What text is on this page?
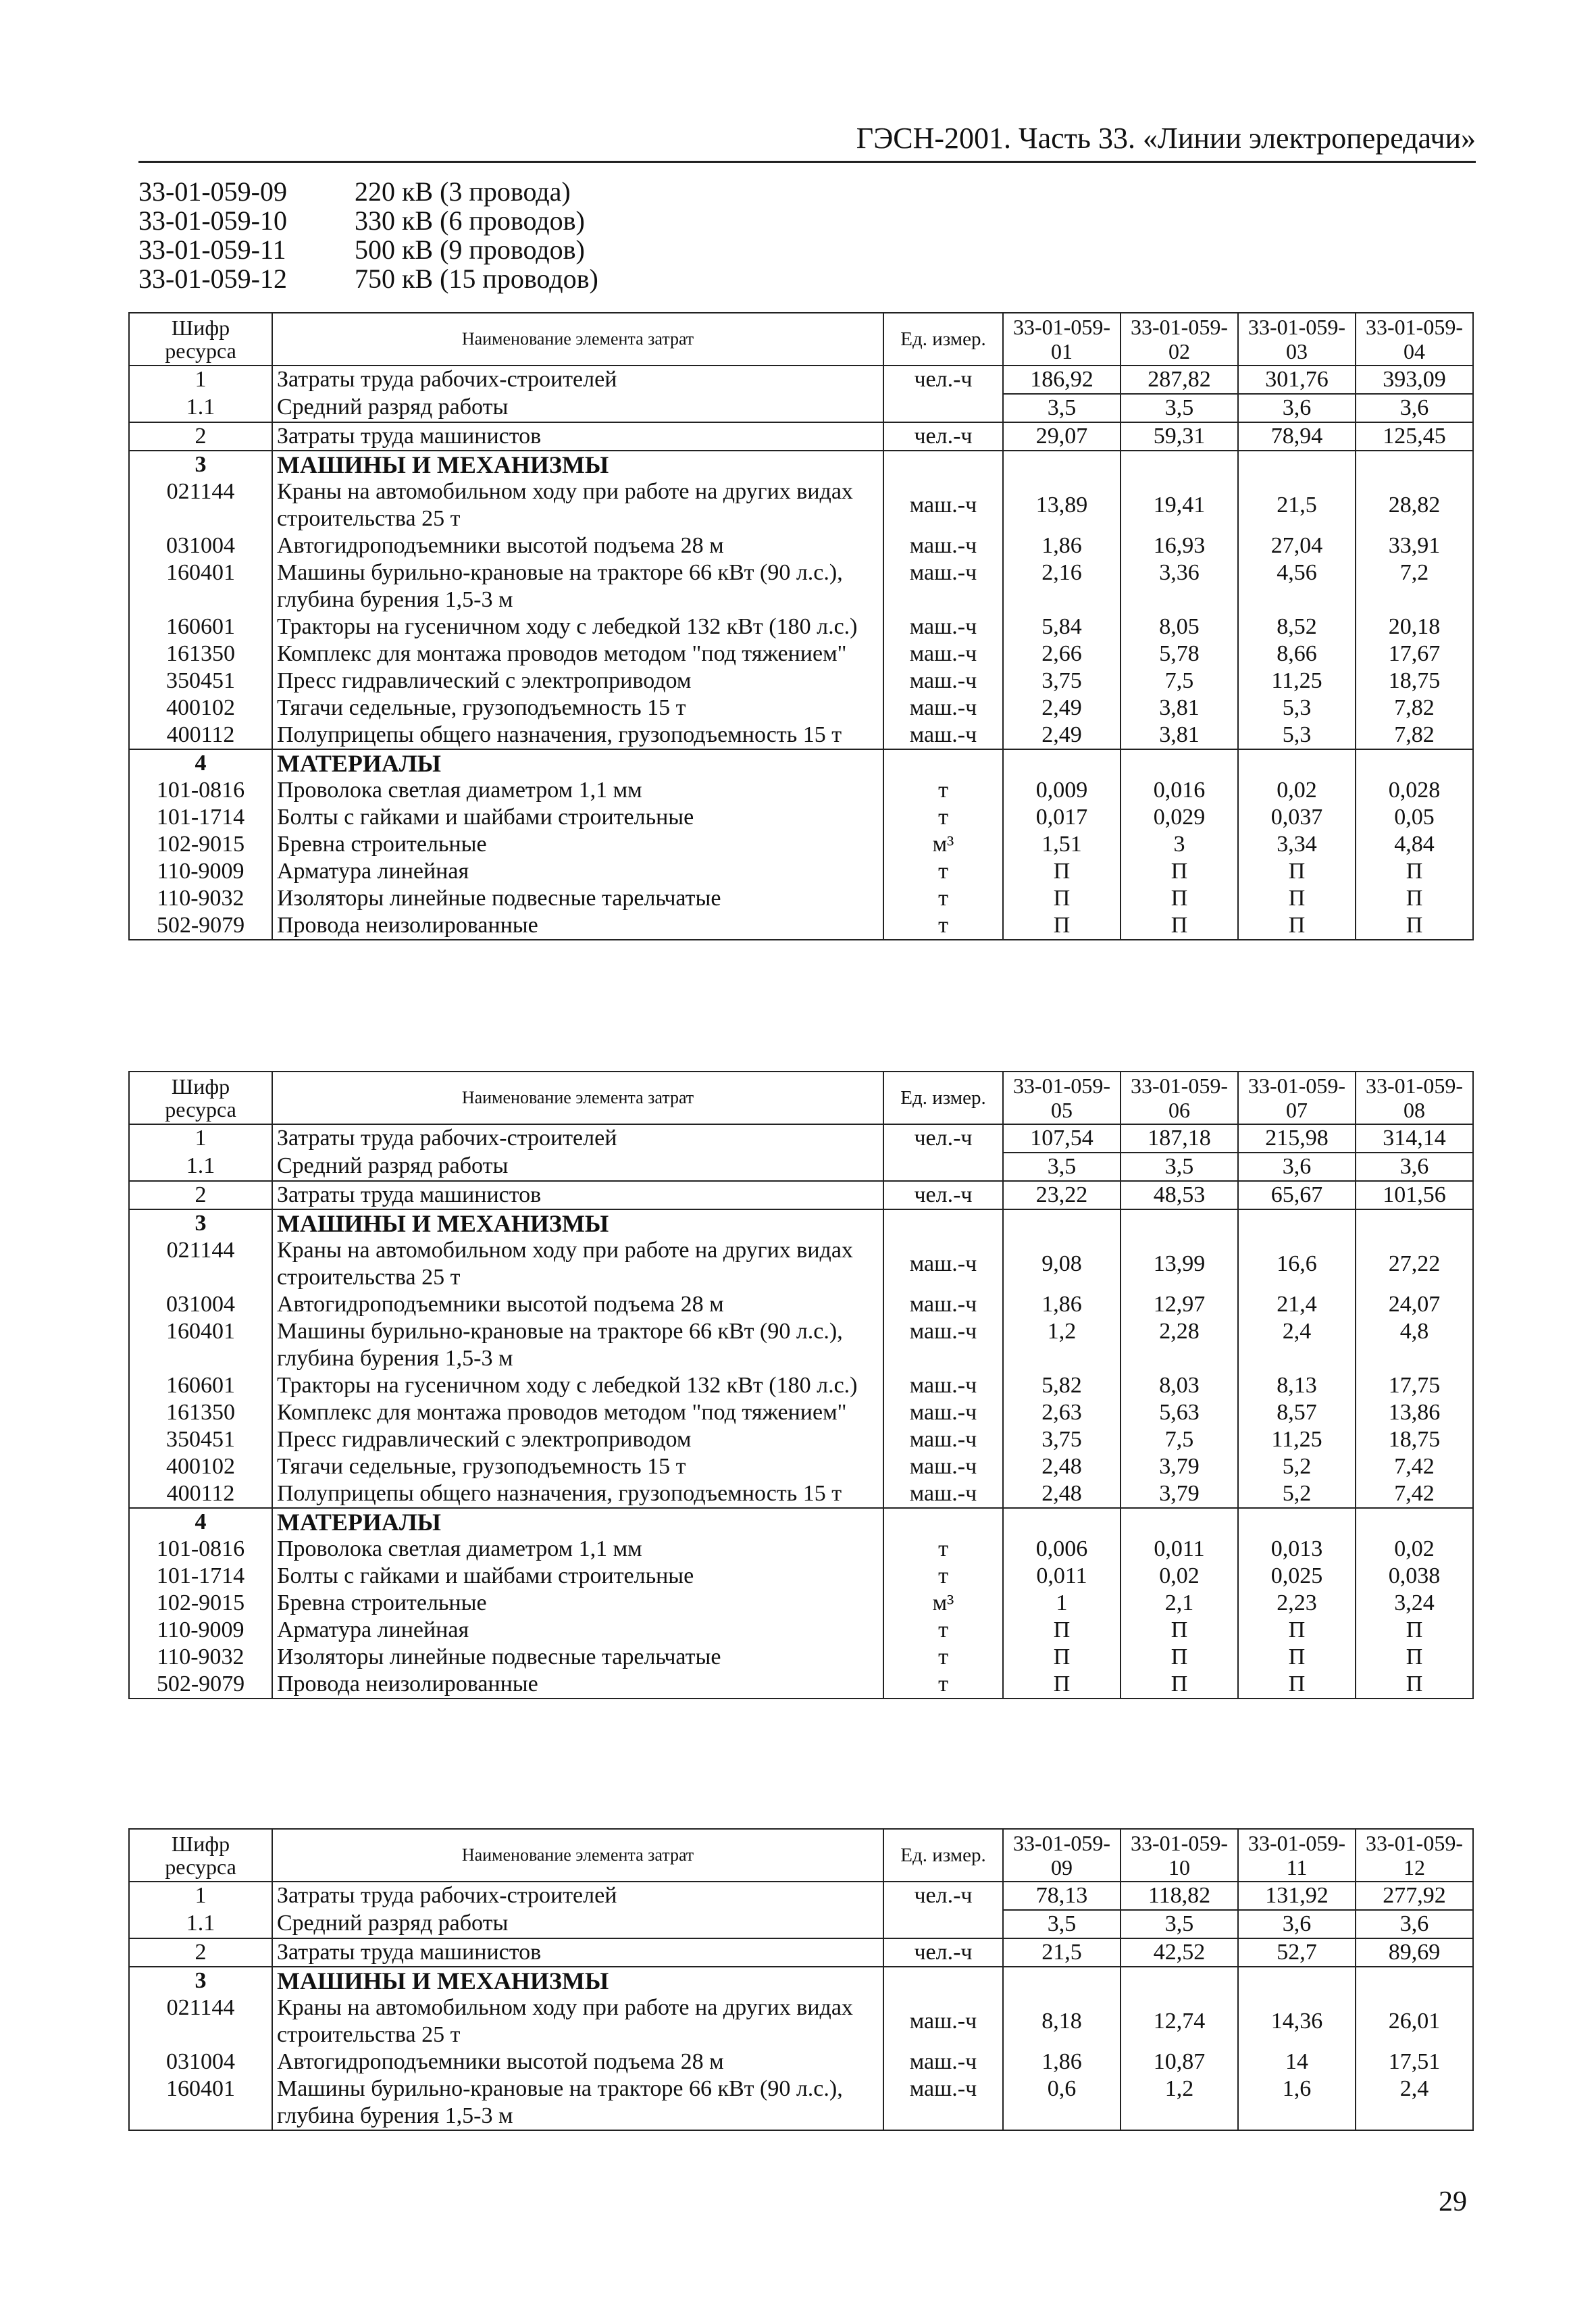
ГЭСН-2001. Часть 33. «Линии электропередачи»
33-01-059-09	220 кВ (3 провода)
33-01-059-10	330 кВ (6 проводов)
33-01-059-11	500 кВ (9 проводов)
33-01-059-12	750 кВ (15 проводов)
Шифр ресурса	Наименование элемента затрат	Ед. измер.	33-01-059-01	33-01-059-02	33-01-059-03	33-01-059-04
1	Затраты труда рабочих-строителей	чел.-ч	186,92	287,82	301,76	393,09
1.1	Средний разряд работы		3,5	3,5	3,6	3,6
2	Затраты труда машинистов	чел.-ч	29,07	59,31	78,94	125,45
3	МАШИНЫ И МЕХАНИЗМЫ					
021144	Краны на автомобильном ходу при работе на других видах строительства 25 т	маш.-ч	13,89	19,41	21,5	28,82
031004	Автогидроподъемники высотой подъема 28 м	маш.-ч	1,86	16,93	27,04	33,91
160401	Машины бурильно-крановые на тракторе 66 кВт (90 л.с.), глубина бурения 1,5-3 м	маш.-ч	2,16	3,36	4,56	7,2
160601	Тракторы на гусеничном ходу с лебедкой 132 кВт (180 л.с.)	маш.-ч	5,84	8,05	8,52	20,18
161350	Комплекс для монтажа проводов методом "под тяжением"	маш.-ч	2,66	5,78	8,66	17,67
350451	Пресс гидравлический с электроприводом	маш.-ч	3,75	7,5	11,25	18,75
400102	Тягачи седельные, грузоподъемность 15 т	маш.-ч	2,49	3,81	5,3	7,82
400112	Полуприцепы общего назначения, грузоподъемность 15 т	маш.-ч	2,49	3,81	5,3	7,82
4	МАТЕРИАЛЫ					
101-0816	Проволока светлая диаметром 1,1 мм	т	0,009	0,016	0,02	0,028
101-1714	Болты с гайками и шайбами строительные	т	0,017	0,029	0,037	0,05
102-9015	Бревна строительные	м³	1,51	3	3,34	4,84
110-9009	Арматура линейная	т	П	П	П	П
110-9032	Изоляторы линейные подвесные тарельчатые	т	П	П	П	П
502-9079	Провода неизолированные	т	П	П	П	П
Шифр ресурса	Наименование элемента затрат	Ед. измер.	33-01-059-05	33-01-059-06	33-01-059-07	33-01-059-08
1	Затраты труда рабочих-строителей	чел.-ч	107,54	187,18	215,98	314,14
1.1	Средний разряд работы		3,5	3,5	3,6	3,6
2	Затраты труда машинистов	чел.-ч	23,22	48,53	65,67	101,56
3	МАШИНЫ И МЕХАНИЗМЫ					
021144	Краны на автомобильном ходу при работе на других видах строительства 25 т	маш.-ч	9,08	13,99	16,6	27,22
031004	Автогидроподъемники высотой подъема 28 м	маш.-ч	1,86	12,97	21,4	24,07
160401	Машины бурильно-крановые на тракторе 66 кВт (90 л.с.), глубина бурения 1,5-3 м	маш.-ч	1,2	2,28	2,4	4,8
160601	Тракторы на гусеничном ходу с лебедкой 132 кВт (180 л.с.)	маш.-ч	5,82	8,03	8,13	17,75
161350	Комплекс для монтажа проводов методом "под тяжением"	маш.-ч	2,63	5,63	8,57	13,86
350451	Пресс гидравлический с электроприводом	маш.-ч	3,75	7,5	11,25	18,75
400102	Тягачи седельные, грузоподъемность 15 т	маш.-ч	2,48	3,79	5,2	7,42
400112	Полуприцепы общего назначения, грузоподъемность 15 т	маш.-ч	2,48	3,79	5,2	7,42
4	МАТЕРИАЛЫ					
101-0816	Проволока светлая диаметром 1,1 мм	т	0,006	0,011	0,013	0,02
101-1714	Болты с гайками и шайбами строительные	т	0,011	0,02	0,025	0,038
102-9015	Бревна строительные	м³	1	2,1	2,23	3,24
110-9009	Арматура линейная	т	П	П	П	П
110-9032	Изоляторы линейные подвесные тарельчатые	т	П	П	П	П
502-9079	Провода неизолированные	т	П	П	П	П
Шифр ресурса	Наименование элемента затрат	Ед. измер.	33-01-059-09	33-01-059-10	33-01-059-11	33-01-059-12
1	Затраты труда рабочих-строителей	чел.-ч	78,13	118,82	131,92	277,92
1.1	Средний разряд работы		3,5	3,5	3,6	3,6
2	Затраты труда машинистов	чел.-ч	21,5	42,52	52,7	89,69
3	МАШИНЫ И МЕХАНИЗМЫ					
021144	Краны на автомобильном ходу при работе на других видах строительства 25 т	маш.-ч	8,18	12,74	14,36	26,01
031004	Автогидроподъемники высотой подъема 28 м	маш.-ч	1,86	10,87	14	17,51
160401	Машины бурильно-крановые на тракторе 66 кВт (90 л.с.), глубина бурения 1,5-3 м	маш.-ч	0,6	1,2	1,6	2,4
29
